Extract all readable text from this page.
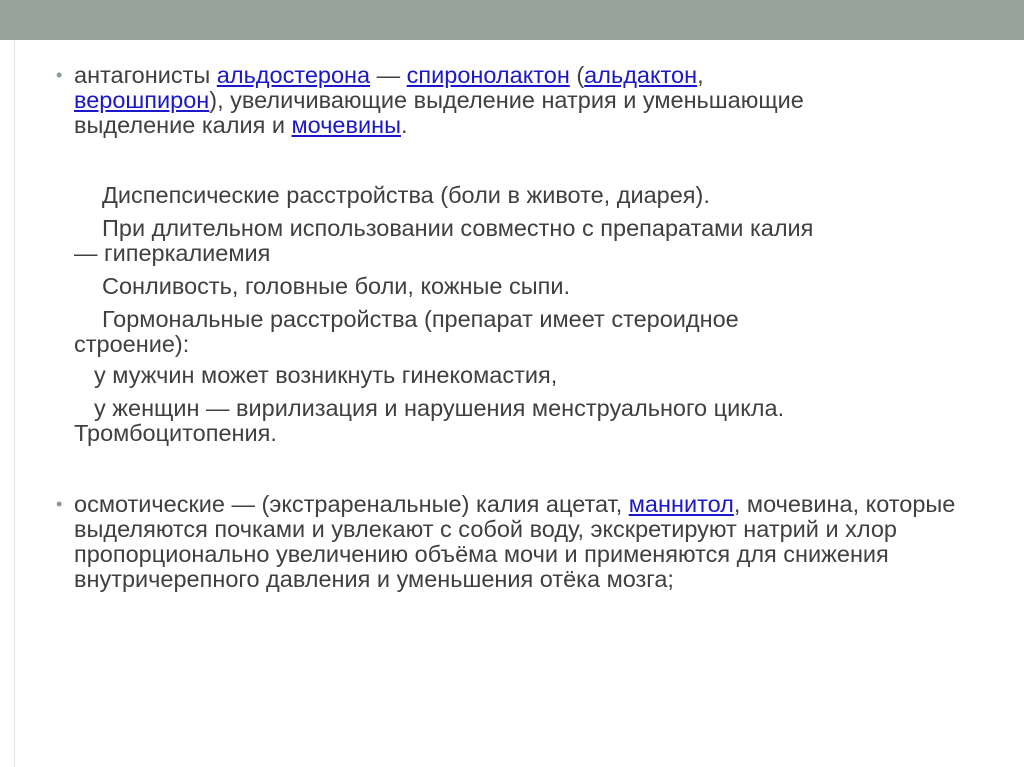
• антагонисты альдостерона — спиронолактон (альдактон, верошпирон), увеличивающие выделение натрия и уменьшающие выделение калия и мочевины.

Диспепсические расстройства (боли в животе, диарея).

При длительном использовании совместно с препаратами калия

— гиперкалиемия

Сонливость, головные боли, кожные сыпи.

Гормональные расстройства (препарат имеет стероидное

строение):

у мужчин может возникнуть гинекомастия,

у женщин — вирилизация и нарушения менструального цикла.

Тромбоцитопения.

• осмотические — (экстраренальные) калия ацетат, маннитол, мочевина, которые выделяются почками и увлекают с собой воду, экскретируют натрий и хлор пропорционально увеличению объёма мочи и применяются для снижения внутричерепного давления и уменьшения отёка мозга;
